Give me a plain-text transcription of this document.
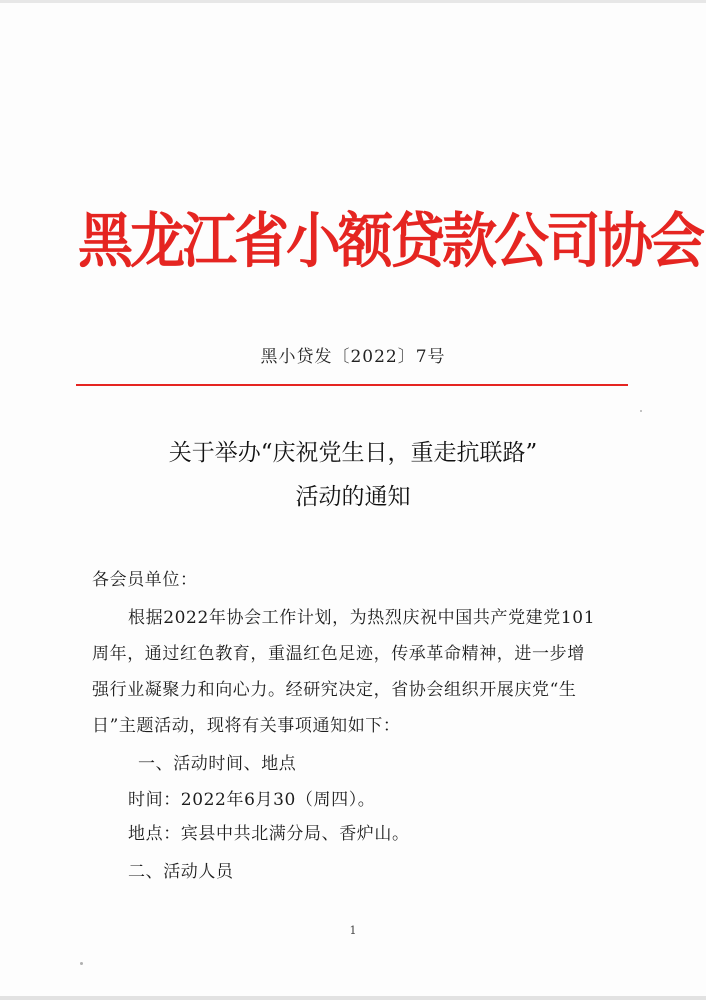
黑龙江省小额贷款公司协会
黑小贷发〔2022〕7号
关于举办“庆祝党生日，重走抗联路”
活动的通知
各会员单位：
根据2022年协会工作计划，为热烈庆祝中国共产党建党101
周年，通过红色教育，重温红色足迹，传承革命精神，进一步增
强行业凝聚力和向心力。经研究决定，省协会组织开展庆党“生
日”主题活动，现将有关事项通知如下：
一、活动时间、地点
时间：2022年6月30（周四）。
地点：宾县中共北满分局、香炉山。
二、活动人员
1
